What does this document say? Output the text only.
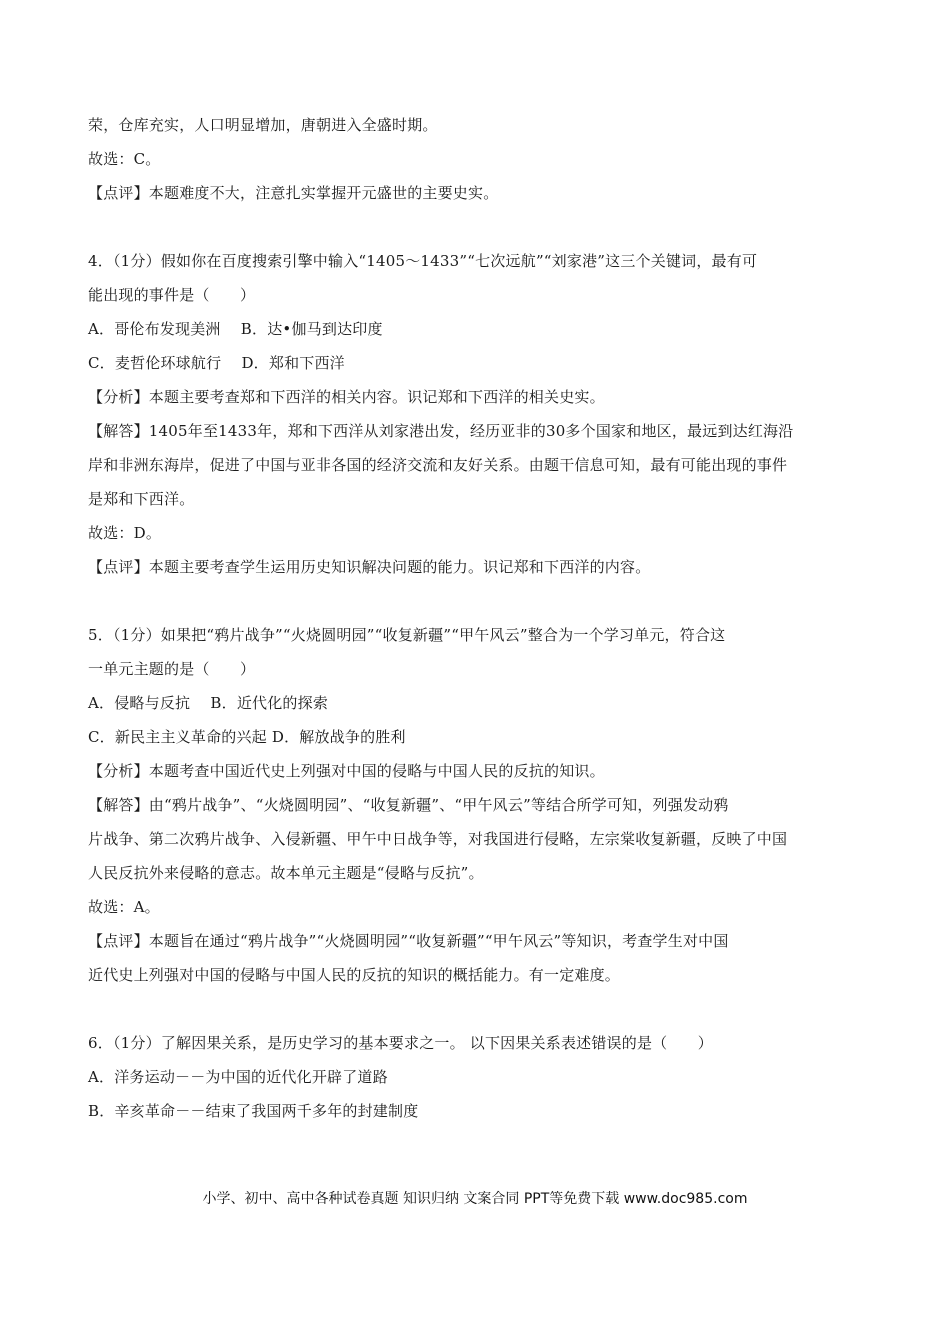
荣，仓库充实，人口明显增加，唐朝进入全盛时期。
故选：C。
【点评】本题难度不大，注意扎实掌握开元盛世的主要史实。
4．（1分）假如你在百度搜索引擎中输入“1405～1433”“七次远航”“刘家港”这三个关键词，最有可
能出现的事件是（　　）
A．哥伦布发现美洲　 B．达•伽马到达印度
C．麦哲伦环球航行　 D．郑和下西洋
【分析】本题主要考查郑和下西洋的相关内容。识记郑和下西洋的相关史实。
【解答】1405年至1433年，郑和下西洋从刘家港出发，经历亚非的30多个国家和地区，最远到达红海沿
岸和非洲东海岸，促进了中国与亚非各国的经济交流和友好关系。由题干信息可知，最有可能出现的事件
是郑和下西洋。
故选：D。
【点评】本题主要考查学生运用历史知识解决问题的能力。识记郑和下西洋的内容。
5．（1分）如果把“鸦片战争”“火烧圆明园”“收复新疆”“甲午风云”整合为一个学习单元，符合这
一单元主题的是（　　）
A．侵略与反抗　 B．近代化的探索
C．新民主主义革命的兴起 D．解放战争的胜利
【分析】本题考查中国近代史上列强对中国的侵略与中国人民的反抗的知识。
【解答】由“鸦片战争”、“火烧圆明园”、“收复新疆”、“甲午风云”等结合所学可知，列强发动鸦
片战争、第二次鸦片战争、入侵新疆、甲午中日战争等，对我国进行侵略，左宗棠收复新疆，反映了中国
人民反抗外来侵略的意志。故本单元主题是“侵略与反抗”。
故选：A。
【点评】本题旨在通过“鸦片战争”“火烧圆明园”“收复新疆”“甲午风云”等知识，考查学生对中国
近代史上列强对中国的侵略与中国人民的反抗的知识的概括能力。有一定难度。
6．（1分）了解因果关系，是历史学习的基本要求之一。 以下因果关系表述错误的是（　　）
A．洋务运动－－为中国的近代化开辟了道路
B．辛亥革命－－结束了我国两千多年的封建制度
小学、初中、高中各种试卷真题 知识归纳 文案合同 PPT等免费下载 www.doc985.com
